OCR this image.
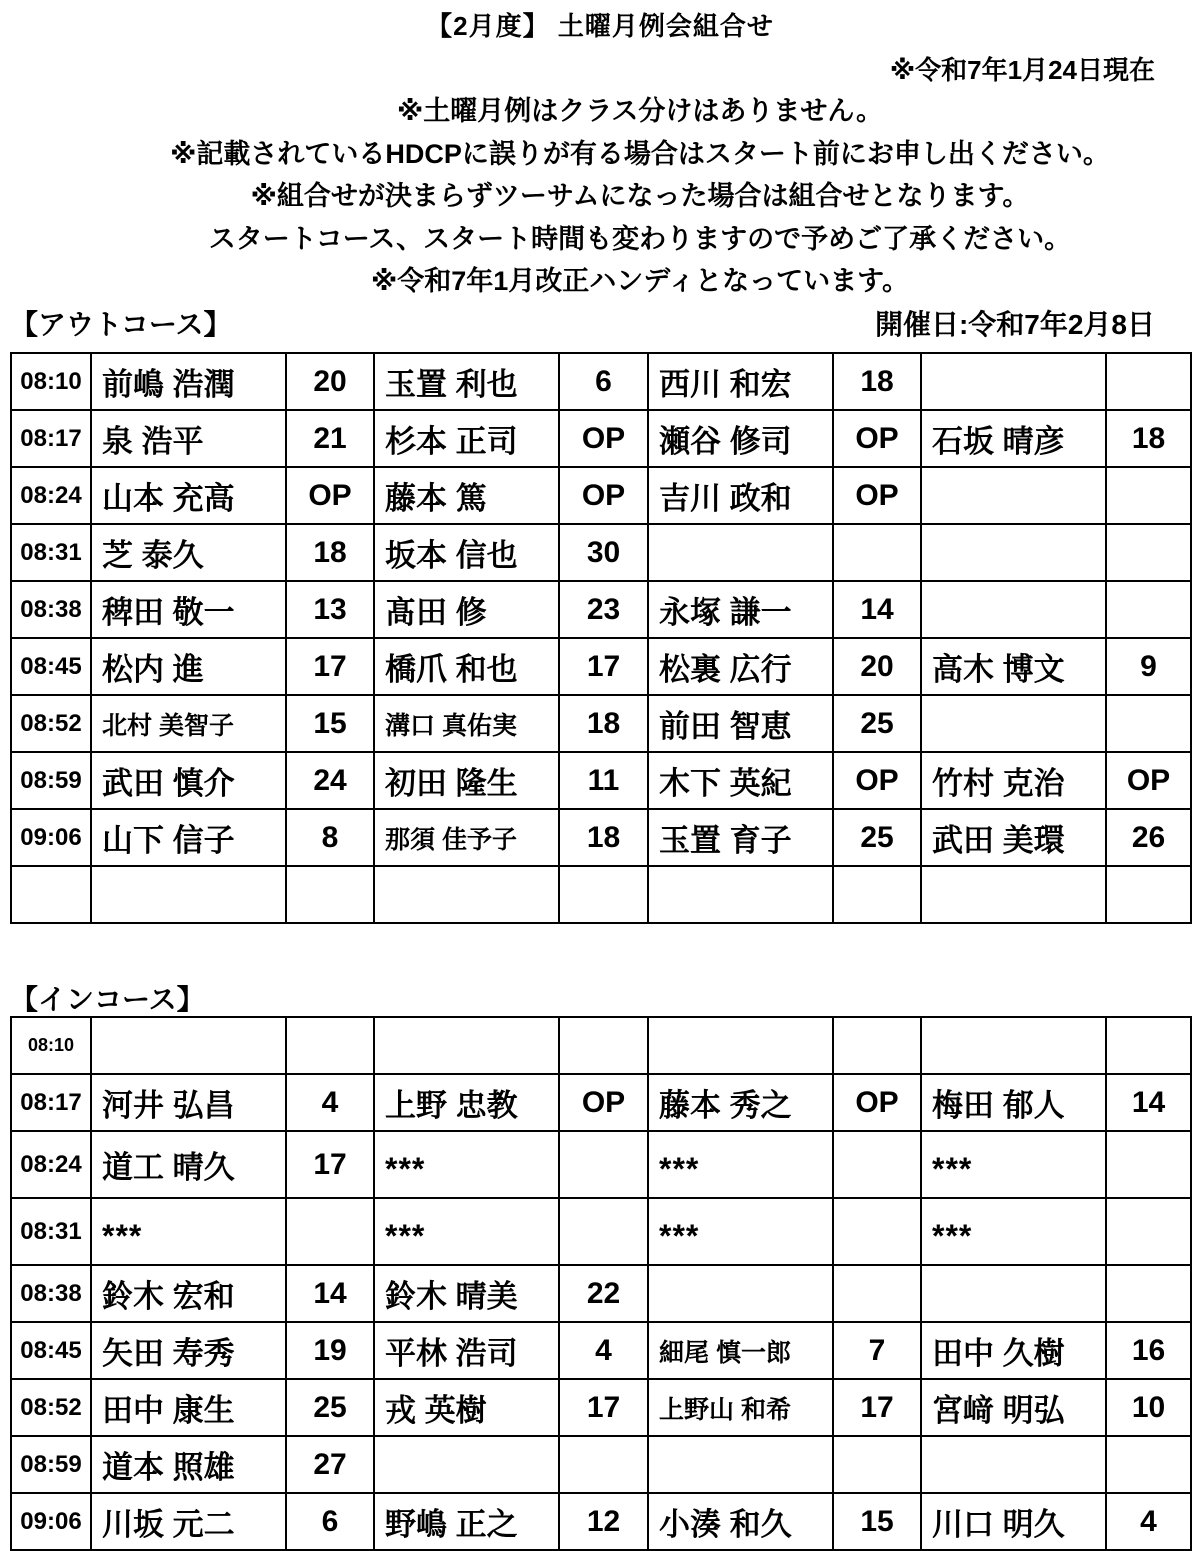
【2月度】 土曜月例会組合せ
※令和7年1月24日現在
※土曜月例はクラス分けはありません。
※記載されているHDCPに誤りが有る場合はスタート前にお申し出ください。
※組合せが決まらずツーサムになった場合は組合せとなります。
スタートコース、スタート時間も変わりますので予めご了承ください。
※令和7年1月改正ハンディとなっています。
【アウトコース】	開催日:令和7年2月8日
08:10	前嶋 浩潤	20	玉置 利也	6	西川 和宏	18		
08:17	泉 浩平	21	杉本 正司	OP	瀬谷 修司	OP	石坂 晴彦	18
08:24	山本 充高	OP	藤本 篤	OP	吉川 政和	OP		
08:31	芝 泰久	18	坂本 信也	30				
08:38	稗田 敬一	13	髙田 修	23	永塚 謙一	14		
08:45	松内 進	17	橋爪 和也	17	松裏 広行	20	高木 博文	9
08:52	北村 美智子	15	溝口 真佑実	18	前田 智恵	25		
08:59	武田 慎介	24	初田 隆生	11	木下 英紀	OP	竹村 克治	OP
09:06	山下 信子	8	那須 佳予子	18	玉置 育子	25	武田 美環	26

【インコース】
08:10								
08:17	河井 弘昌	4	上野 忠教	OP	藤本 秀之	OP	梅田 郁人	14
08:24	道工 晴久	17	***		***		***	
08:31	***		***		***		***	
08:38	鈴木 宏和	14	鈴木 晴美	22				
08:45	矢田 寿秀	19	平林 浩司	4	細尾 慎一郎	7	田中 久樹	16
08:52	田中 康生	25	戎 英樹	17	上野山 和希	17	宮﨑 明弘	10
08:59	道本 照雄	27						
09:06	川坂 元二	6	野嶋 正之	12	小湊 和久	15	川口 明久	4
